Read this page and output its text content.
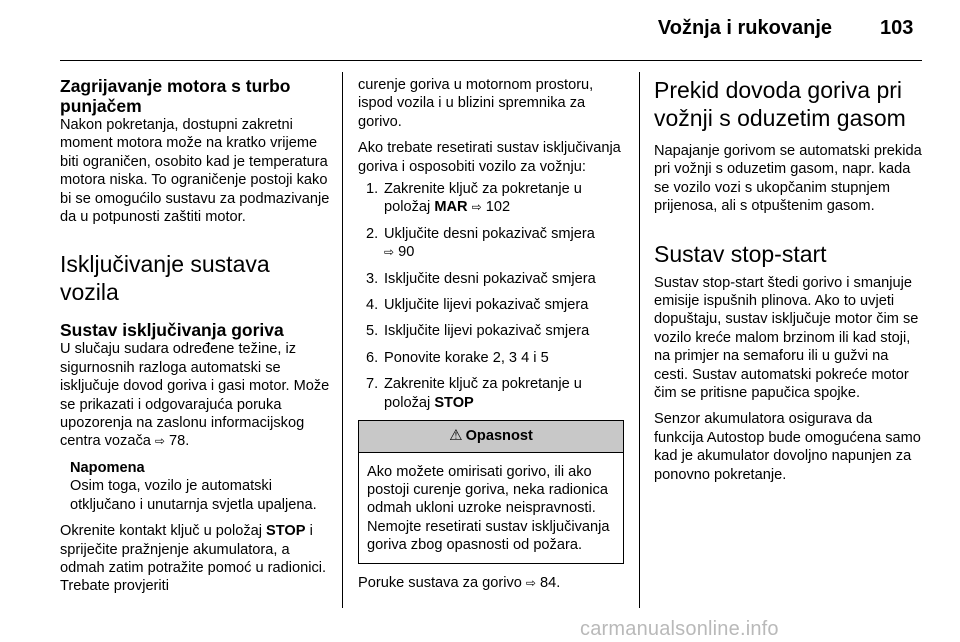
Vožnja i rukovanje 103
Zagrijavanje motora s turbo punjačem

Nakon pokretanja, dostupni zakretni moment motora može na kratko vrijeme biti ograničen, osobito kad je temperatura motora niska. To ograničenje postoji kako bi se omogućilo sustavu za podmazivanje da u potpunosti zaštiti motor.

Isključivanje sustava vozila
Sustav isključivanja goriva

U slučaju sudara određene težine, iz sigurnosnih razloga automatski se isključuje dovod goriva i gasi motor. Može se prikazati i odgovarajuća poruka upozorenja na zaslonu informacijskog centra vozača ⇨ 78.

Napomena
Osim toga, vozilo je automatski otključano i unutarnja svjetla upaljena.

Okrenite kontakt ključ u položaj STOP i spriječite pražnjenje akumulatora, a odmah zatim potražite pomoć u radionici. Trebate provjeriti

curenje goriva u motornom prostoru, ispod vozila i u blizini spremnika za gorivo.

Ako trebate resetirati sustav isključivanja goriva i osposobiti vozilo za vožnju:

1. Zakrenite ključ za pokretanje u položaj MAR ⇨ 102
2. Uključite desni pokazivač smjera
⇨ 90
3. Isključite desni pokazivač smjera
4. Uključite lijevi pokazivač smjera
5. Isključite lijevi pokazivač smjera
6. Ponovite korake 2, 3 4 i 5
7. Zakrenite ključ za pokretanje u položaj STOP
⚠ Opasnost
Ako možete omirisati gorivo, ili ako postoji curenje goriva, neka radionica odmah ukloni uzroke neispravnosti. Nemojte resetirati sustav isključivanja goriva zbog opasnosti od požara.

Poruke sustava za gorivo ⇨ 84.

Prekid dovoda goriva pri vožnji s oduzetim gasom

Napajanje gorivom se automatski prekida pri vožnji s oduzetim gasom, napr. kada se vozilo vozi s ukopčanim stupnjem prijenosa, ali s otpuštenim gasom.

Sustav stop-start

Sustav stop-start štedi gorivo i smanjuje emisije ispušnih plinova. Ako to uvjeti dopuštaju, sustav isključuje motor čim se vozilo kreće malom brzinom ili kad stoji, na primjer na semaforu ili u gužvi na cesti. Sustav automatski pokreće motor čim se pritisne papučica spojke.

Senzor akumulatora osigurava da funkcija Autostop bude omogućena samo kad je akumulator dovoljno napunjen za ponovno pokretanje.

carmanualsonline.info
